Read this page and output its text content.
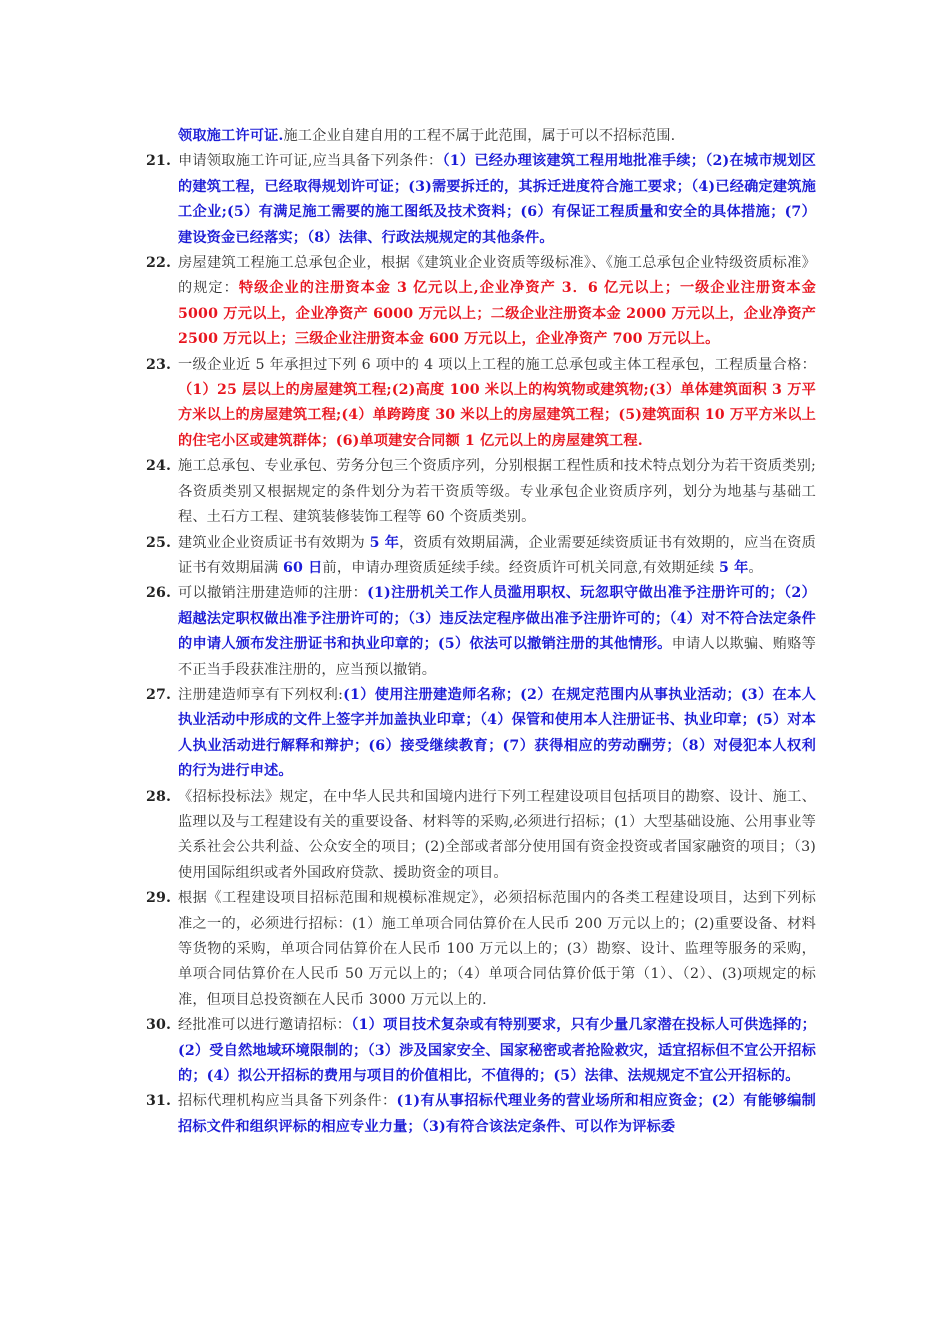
领取施工许可证.施工企业自建自用的工程不属于此范围，属于可以不招标范围.
21. 申请领取施工许可证,应当具备下列条件：（1）已经办理该建筑工程用地批准手续；（2)在城市规划区的建筑工程，已经取得规划许可证；(3)需要拆迁的，其拆迁进度符合施工要求；（4)已经确定建筑施工企业;(5）有满足施工需要的施工图纸及技术资料；(6）有保证工程质量和安全的具体措施；(7）建设资金已经落实；（8）法律、行政法规规定的其他条件。
22. 房屋建筑工程施工总承包企业，根据《建筑业企业资质等级标准》、《施工总承包企业特级资质标准》的规定：特级企业的注册资本金 3 亿元以上,企业净资产 3．6 亿元以上；一级企业注册资本金 5000 万元以上，企业净资产 6000 万元以上；二级企业注册资本金 2000 万元以上，企业净资产 2500 万元以上；三级企业注册资本金 600 万元以上，企业净资产 700 万元以上。
23. 一级企业近 5 年承担过下列 6 项中的 4 项以上工程的施工总承包或主体工程承包，工程质量合格：（1）25 层以上的房屋建筑工程;(2)高度 100 米以上的构筑物或建筑物;(3）单体建筑面积 3 万平方米以上的房屋建筑工程;(4）单跨跨度 30 米以上的房屋建筑工程；(5)建筑面积 10 万平方米以上的住宅小区或建筑群体；(6)单项建安合同额 1 亿元以上的房屋建筑工程.
24. 施工总承包、专业承包、劳务分包三个资质序列，分别根据工程性质和技术特点划分为若干资质类别;各资质类别又根据规定的条件划分为若干资质等级。专业承包企业资质序列，划分为地基与基础工程、土石方工程、建筑装修装饰工程等 60 个资质类别。
25. 建筑业企业资质证书有效期为 5 年，资质有效期届满，企业需要延续资质证书有效期的，应当在资质证书有效期届满 60 日前，申请办理资质延续手续。经资质许可机关同意,有效期延续 5 年。
26. 可以撤销注册建造师的注册：(1)注册机关工作人员滥用职权、玩忽职守做出准予注册许可的；（2）超越法定职权做出准予注册许可的；（3）违反法定程序做出准予注册许可的；（4）对不符合法定条件的申请人颁布发注册证书和执业印章的；(5）依法可以撤销注册的其他情形。申请人以欺骗、贿赂等不正当手段获准注册的，应当预以撤销。
27. 注册建造师享有下列权利:(1）使用注册建造师名称；(2）在规定范围内从事执业活动；(3）在本人执业活动中形成的文件上签字并加盖执业印章；（4）保管和使用本人注册证书、执业印章；(5）对本人执业活动进行解释和辩护；(6）接受继续教育；(7）获得相应的劳动酬劳；（8）对侵犯本人权利的行为进行申述。
28. 《招标投标法》规定，在中华人民共和国境内进行下列工程建设项目包括项目的勘察、设计、施工、监理以及与工程建设有关的重要设备、材料等的采购,必须进行招标；(1）大型基础设施、公用事业等关系社会公共利益、公众安全的项目；(2)全部或者部分使用国有资金投资或者国家融资的项目；（3)使用国际组织或者外国政府贷款、援助资金的项目。
29. 根据《工程建设项目招标范围和规模标准规定》，必须招标范围内的各类工程建设项目，达到下列标准之一的，必须进行招标：(1）施工单项合同估算价在人民币 200 万元以上的；(2)重要设备、材料等货物的采购，单项合同估算价在人民币 100 万元以上的；(3）勘察、设计、监理等服务的采购，单项合同估算价在人民币 50 万元以上的；（4）单项合同估算价低于第（1）、（2）、(3)项规定的标准，但项目总投资额在人民币 3000 万元以上的.
30. 经批准可以进行邀请招标：（1）项目技术复杂或有特别要求，只有少量几家潜在投标人可供选择的；(2）受自然地域环境限制的；（3）涉及国家安全、国家秘密或者抢险救灾，适宜招标但不宜公开招标的；(4）拟公开招标的费用与项目的价值相比，不值得的；(5）法律、法规规定不宜公开招标的。
31. 招标代理机构应当具备下列条件：(1)有从事招标代理业务的营业场所和相应资金；(2）有能够编制招标文件和组织评标的相应专业力量；（3)有符合该法定条件、可以作为评标委
